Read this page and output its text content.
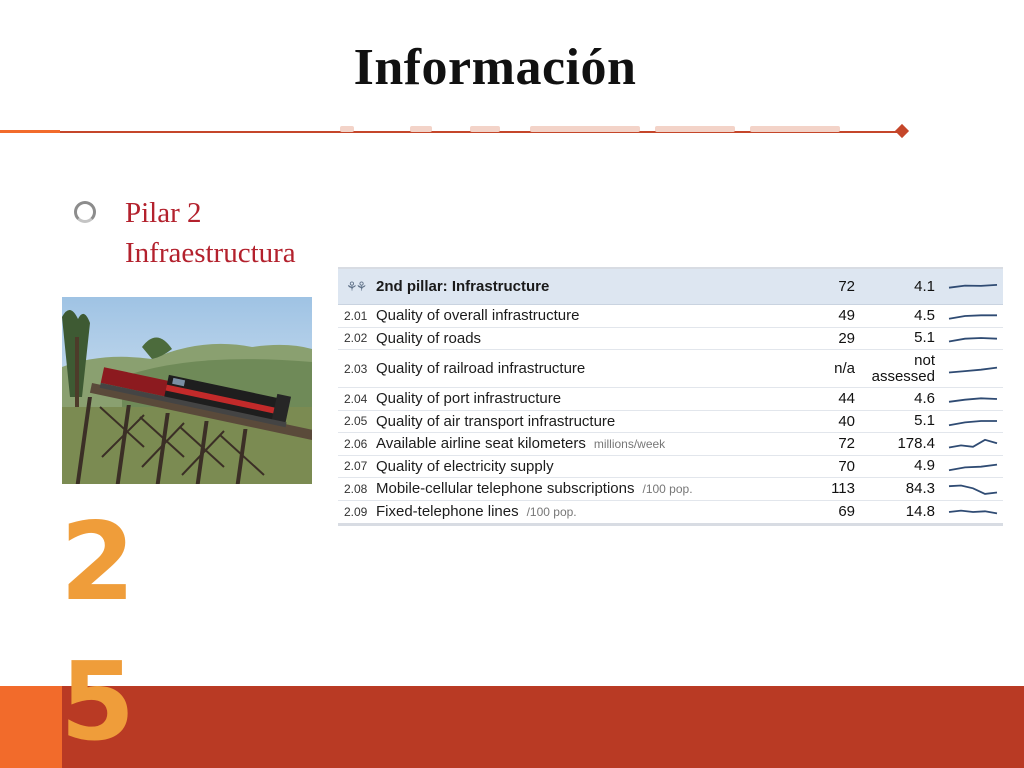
Información
Pilar 2
Infraestructura
2
5
⚘⚘ 2nd pillar: Infrastructure	72	4.1
2.01 Quality of overall infrastructure	49	4.5
2.02 Quality of roads	29	5.1
2.03 Quality of railroad infrastructure	n/a	not assessed
2.04 Quality of port infrastructure	44	4.6
2.05 Quality of air transport infrastructure	40	5.1
2.06 Available airline seat kilometers millions/week	72	178.4
2.07 Quality of electricity supply	70	4.9
2.08 Mobile-cellular telephone subscriptions /100 pop.	113	84.3
2.09 Fixed-telephone lines /100 pop.	69	14.8
